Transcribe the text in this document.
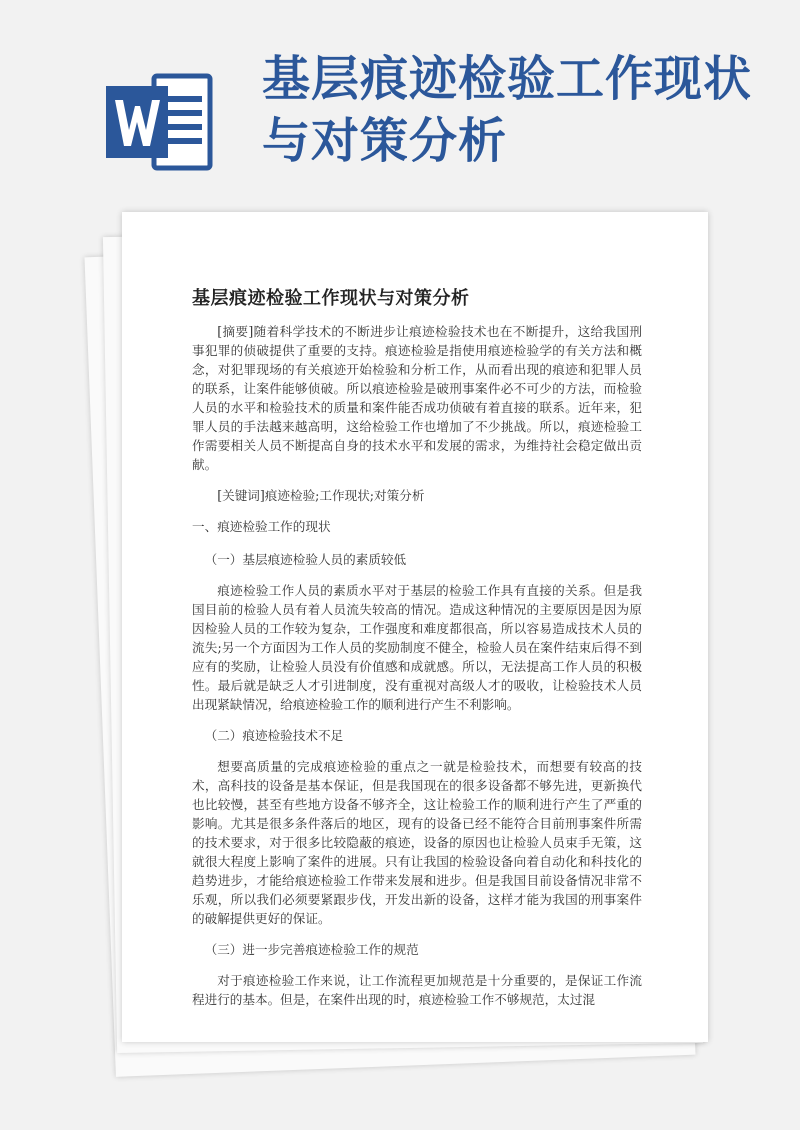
基层痕迹检验工作现状
与对策分析
基层痕迹检验工作现状与对策分析

[摘要]随着科学技术的不断进步让痕迹检验技术也在不断提升，这给我国刑事犯罪的侦破提供了重要的支持。痕迹检验是指使用痕迹检验学的有关方法和概念，对犯罪现场的有关痕迹开始检验和分析工作，从而看出现的痕迹和犯罪人员的联系，让案件能够侦破。所以痕迹检验是破刑事案件必不可少的方法，而检验人员的水平和检验技术的质量和案件能否成功侦破有着直接的联系。近年来，犯罪人员的手法越来越高明，这给检验工作也增加了不少挑战。所以，痕迹检验工作需要相关人员不断提高自身的技术水平和发展的需求，为维持社会稳定做出贡献。

[关键词]痕迹检验;工作现状;对策分析

一、痕迹检验工作的现状

（一）基层痕迹检验人员的素质较低

痕迹检验工作人员的素质水平对于基层的检验工作具有直接的关系。但是我国目前的检验人员有着人员流失较高的情况。造成这种情况的主要原因是因为原因检验人员的工作较为复杂，工作强度和难度都很高，所以容易造成技术人员的流失;另一个方面因为工作人员的奖励制度不健全，检验人员在案件结束后得不到应有的奖励，让检验人员没有价值感和成就感。所以，无法提高工作人员的积极性。最后就是缺乏人才引进制度，没有重视对高级人才的吸收，让检验技术人员出现紧缺情况，给痕迹检验工作的顺利进行产生不利影响。

（二）痕迹检验技术不足

想要高质量的完成痕迹检验的重点之一就是检验技术，而想要有较高的技术，高科技的设备是基本保证，但是我国现在的很多设备都不够先进，更新换代也比较慢，甚至有些地方设备不够齐全，这让检验工作的顺利进行产生了严重的影响。尤其是很多条件落后的地区，现有的设备已经不能符合目前刑事案件所需的技术要求，对于很多比较隐蔽的痕迹，设备的原因也让检验人员束手无策，这就很大程度上影响了案件的进展。只有让我国的检验设备向着自动化和科技化的趋势进步，才能给痕迹检验工作带来发展和进步。但是我国目前设备情况非常不乐观，所以我们必须要紧跟步伐，开发出新的设备，这样才能为我国的刑事案件的破解提供更好的保证。

（三）进一步完善痕迹检验工作的规范

对于痕迹检验工作来说，让工作流程更加规范是十分重要的，是保证工作流程进行的基本。但是，在案件出现的时，痕迹检验工作不够规范，太过混
